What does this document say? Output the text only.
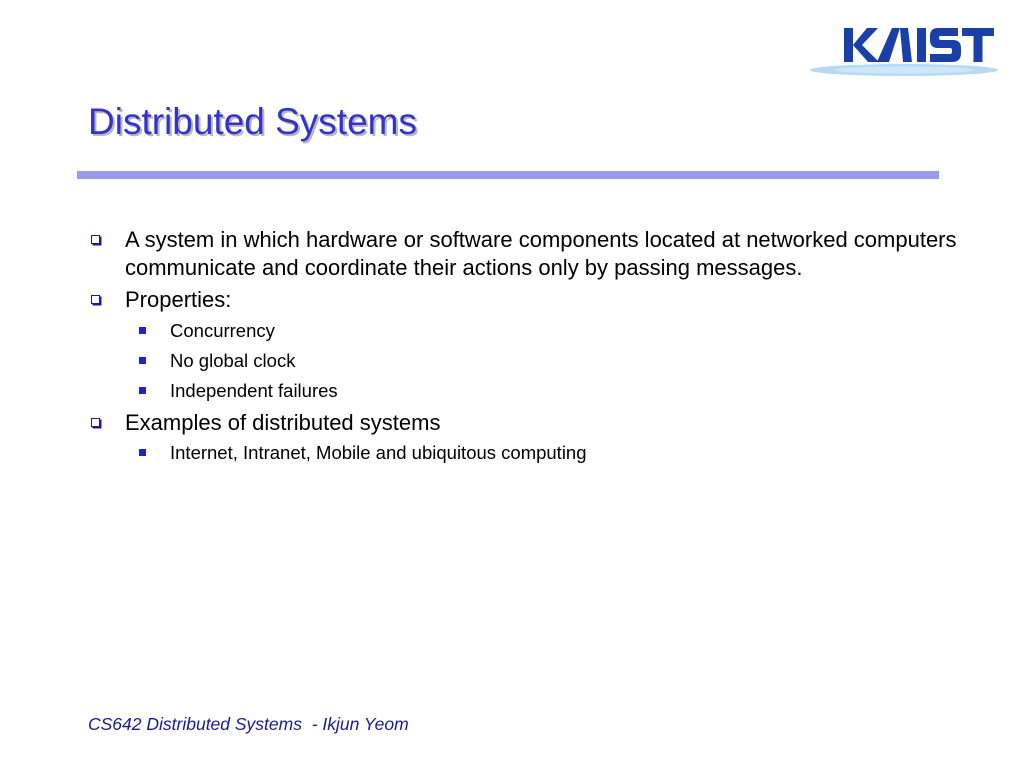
Distributed Systems
A system in which hardware or software components located at networked computers communicate and coordinate their actions only by passing messages.
Properties:
Concurrency
No global clock
Independent failures
Examples of distributed systems
Internet, Intranet, Mobile and ubiquitous computing
CS642 Distributed Systems  - Ikjun Yeom
